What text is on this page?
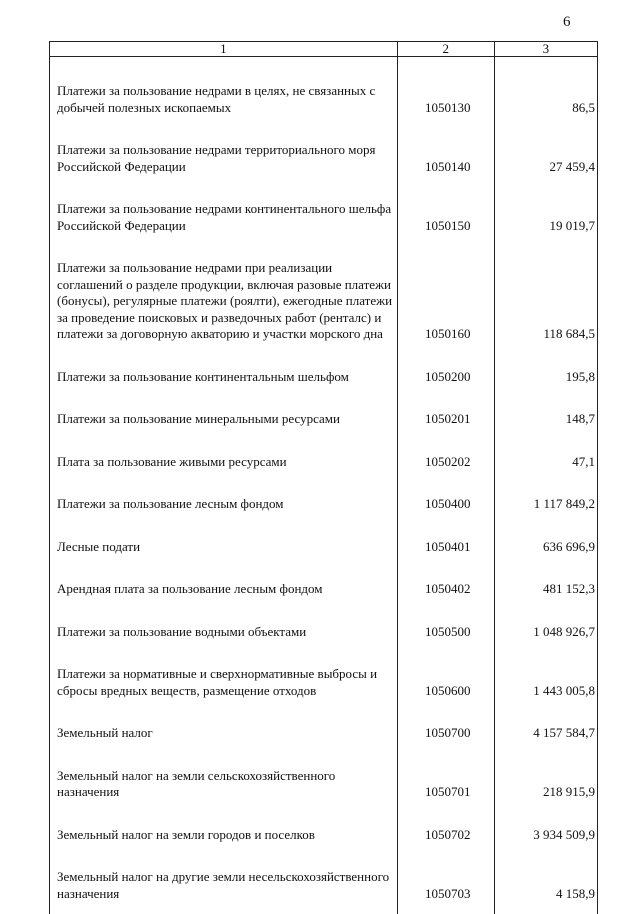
6
1	2	3

Платежи за пользование недрами в целях, не связанных с добычей полезных ископаемых	1050130	86,5

Платежи за пользование недрами территориального моря Российской Федерации	1050140	27 459,4

Платежи за пользование недрами континентального шельфа Российской Федерации	1050150	19 019,7

Платежи за пользование недрами при реализации соглашений о разделе продукции, включая разовые платежи (бонусы), регулярные платежи (роялти), ежегодные платежи за проведение поисковых и разведочных работ (ренталс) и платежи за договорную акваторию и участки морского дна	1050160	118 684,5

Платежи за пользование континентальным шельфом	1050200	195,8

Платежи за пользование минеральными ресурсами	1050201	148,7

Плата за пользование живыми ресурсами	1050202	47,1

Платежи за пользование лесным фондом	1050400	1 117 849,2

Лесные подати	1050401	636 696,9

Арендная плата за пользование лесным фондом	1050402	481 152,3

Платежи за пользование водными объектами	1050500	1 048 926,7

Платежи за нормативные и сверхнормативные выбросы и сбросы вредных веществ, размещение отходов	1050600	1 443 005,8

Земельный налог	1050700	4 157 584,7

Земельный налог на земли сельскохозяйственного назначения	1050701	218 915,9

Земельный налог на земли городов и поселков	1050702	3 934 509,9

Земельный налог на другие земли несельскохозяйственного назначения	1050703	4 158,9
